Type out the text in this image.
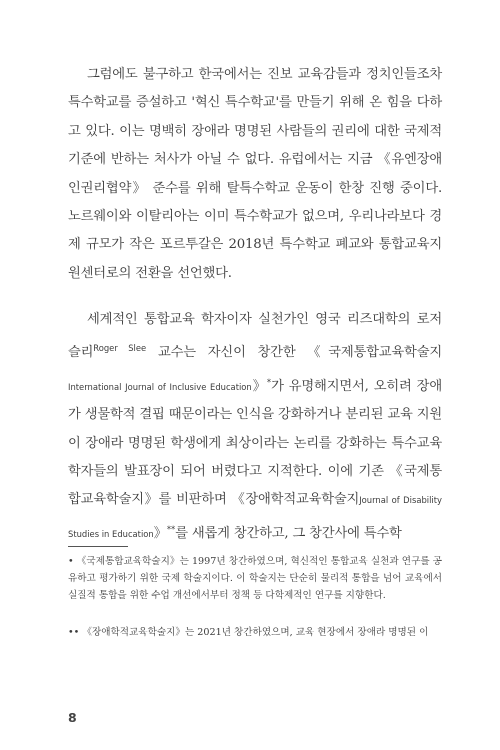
그럼에도 불구하고 한국에서는 진보 교육감들과 정치인들조차 특수학교를 증설하고 '혁신 특수학교'를 만들기 위해 온 힘을 다하고 있다. 이는 명백히 장애라 명명된 사람들의 권리에 대한 국제적 기준에 반하는 처사가 아닐 수 없다. 유럽에서는 지금 《유엔장애인권리협약》 준수를 위해 탈특수학교 운동이 한창 진행 중이다. 노르웨이와 이탈리아는 이미 특수학교가 없으며, 우리나라보다 경제 규모가 작은 포르투갈은 2018년 특수학교 폐교와 통합교육지원센터로의 전환을 선언했다.

세계적인 통합교육 학자이자 실천가인 영국 리즈대학의 로저 슬리$^{Roger Slee}$ 교수는 자신이 창간한 《국제통합교육학술지International Journal of Inclusive Education》*가 유명해지면서, 오히려 장애가 생물학적 결핍 때문이라는 인식을 강화하거나 분리된 교육 지원이 장애라 명명된 학생에게 최상이라는 논리를 강화하는 특수교육학자들의 발표장이 되어 버렸다고 지적한다. 이에 기존 《국제통합교육학술지》를 비판하며 《장애학적교육학술지Journal of Disability Studies in Education》**를 새롭게 창간하고, 그 창간사에 특수학

• 《국제통합교육학술지》는 1997년 창간하였으며, 혁신적인 통합교육 실천과 연구를 공유하고 평가하기 위한 국제 학술지이다. 이 학술지는 단순히 물리적 통합을 넘어 교육에서 실질적 통합을 위한 수업 개선에서부터 정책 등 다학제적인 연구를 지향한다.

•• 《장애학적교육학술지》는 2021년 창간하였으며, 교육 현장에서 장애라 명명된 이

8
